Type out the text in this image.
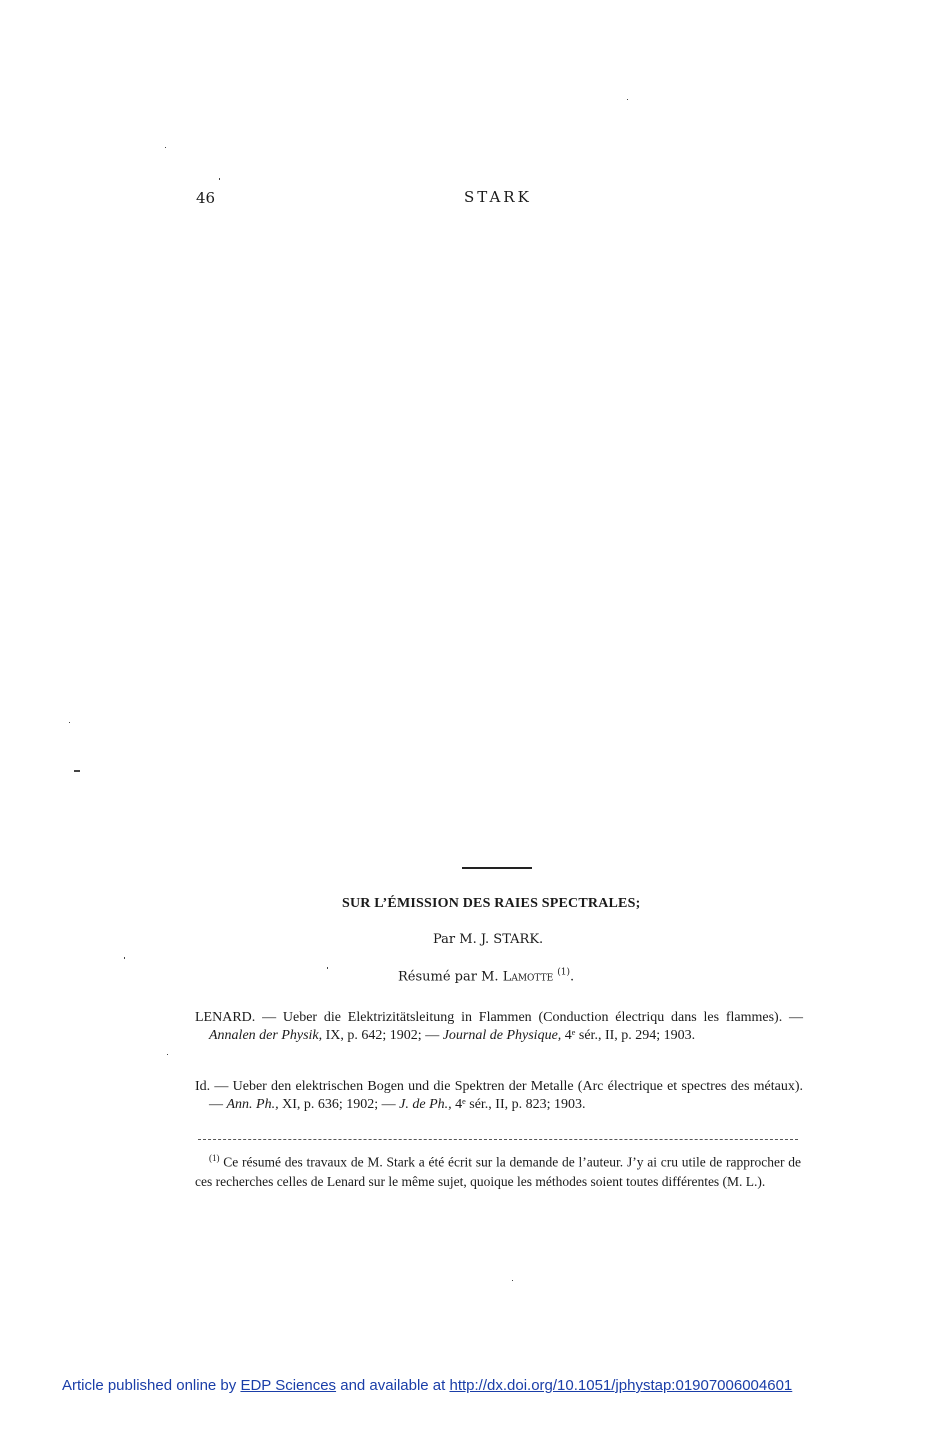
46	STARK
SUR L’ÉMISSION DES RAIES SPECTRALES;
Par M. J. STARK.
Résumé par M. Lamotte $^{(1)}$.

LENARD. — Ueber die Elektrizitätsleitung in Flammen (Conduction électriqu dans les flammes). — Annalen der Physik, IX, p. 642; 1902; — Journal de Physique, 4ᵉ sér., II, p. 294; 1903.

Id. — Ueber den elektrischen Bogen und die Spektren der Metalle (Arc électrique et spectres des métaux). — Ann. Ph., XI, p. 636; 1902; — J. de Ph., 4ᵉ sér., II, p. 823; 1903.

$^{(1)}$ Ce résumé des travaux de M. Stark a été écrit sur la demande de l’auteur. J’y ai cru utile de rapprocher de ces recherches celles de Lenard sur le même sujet, quoique les méthodes soient toutes différentes (M. L.).
Article published online by EDP Sciences and available at http://dx.doi.org/10.1051/jphystap:01907006004601
